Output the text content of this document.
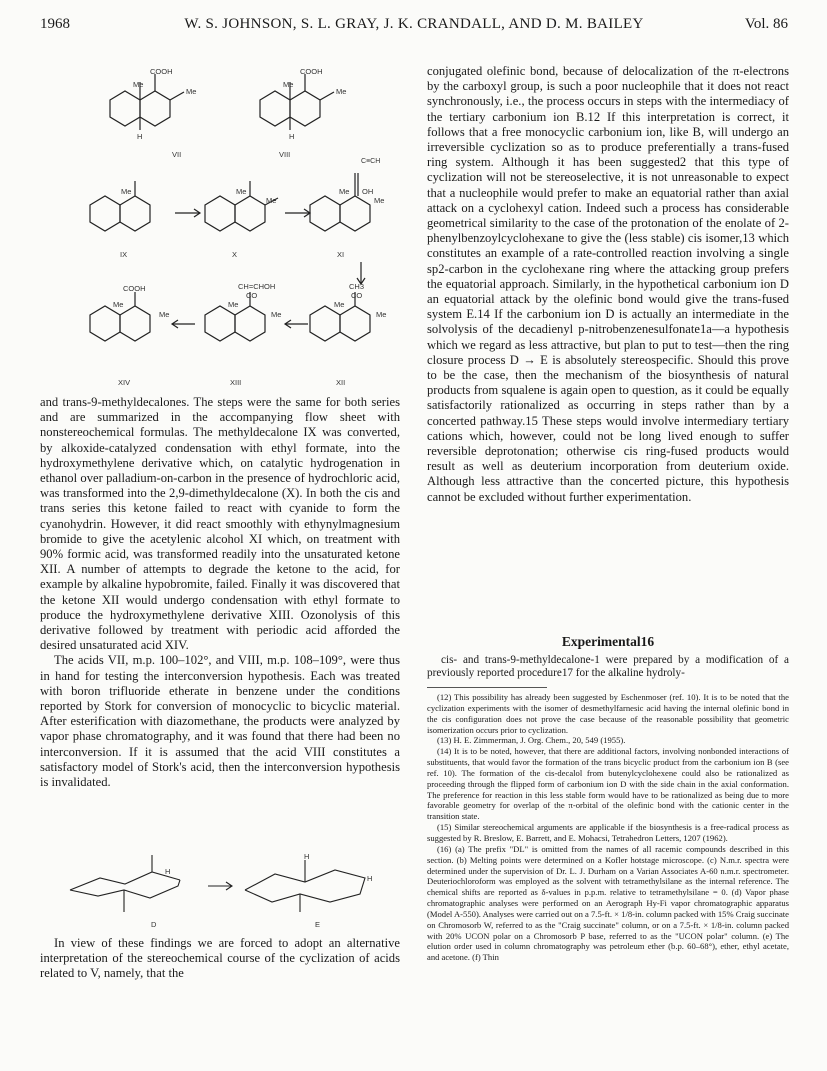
1968	W. S. JOHNSON, S. L. GRAY, J. K. CRANDALL, AND D. M. BAILEY	Vol. 86
COOH
Me
Me
H
COOH
Me
Me
H
VII	VIII
Me	Me
Me
Me OH
Me
C≡CH
IX	X	XI
COOH
Me
Me
CH=CHOH
CO
Me
Me
CH3
CO
Me
Me
XIV	XIII	XII

and trans-9-methyldecalones. The steps were the same for both series and are summarized in the accompanying flow sheet with nonstereochemical formulas. The methyldecalone IX was converted, by alkoxide-catalyzed condensation with ethyl formate, into the hydroxymethylene derivative which, on catalytic hydrogenation in ethanol over palladium-on-carbon in the presence of hydrochloric acid, was transformed into the 2,9-dimethyldecalone (X). In both the cis and trans series this ketone failed to react with cyanide to form the cyanohydrin. However, it did react smoothly with ethynylmagnesium bromide to give the acetylenic alcohol XI which, on treatment with 90% formic acid, was transformed readily into the unsaturated ketone XII. A number of attempts to degrade the ketone to the acid, for example by alkaline hypobromite, failed. Finally it was discovered that the ketone XII would undergo condensation with ethyl formate to produce the hydroxymethylene derivative XIII. Ozonolysis of this derivative followed by treatment with periodic acid afforded the desired unsaturated acid XIV.

The acids VII, m.p. 100–102°, and VIII, m.p. 108–109°, were thus in hand for testing the interconversion hypothesis. Each was treated with boron trifluoride etherate in benzene under the conditions reported by Stork for conversion of monocyclic to bicyclic material. After esterification with diazomethane, the products were analyzed by vapor phase chromatography, and it was found that there had been no interconversion. If it is assumed that the acid VIII constitutes a satisfactory model of Stork's acid, then the interconversion hypothesis is invalidated.

H
H
H
D	E

In view of these findings we are forced to adopt an alternative interpretation of the stereochemical course of the cyclization of acids related to V, namely, that the

conjugated olefinic bond, because of delocalization of the π-electrons by the carboxyl group, is such a poor nucleophile that it does not react synchronously, i.e., the process occurs in steps with the intermediacy of the tertiary carbonium ion B.12 If this interpretation is correct, it follows that a free monocyclic carbonium ion, like B, will undergo an irreversible cyclization so as to produce preferentially a trans-fused ring system. Although it has been suggested2 that this type of cyclization will not be stereoselective, it is not unreasonable to expect that a nucleophile would prefer to make an equatorial rather than axial attack on a cyclohexyl cation. Indeed such a process has considerable geometrical similarity to the case of the protonation of the enolate of 2-phenylbenzoylcyclohexane to give the (less stable) cis isomer,13 which constitutes an example of a rate-controlled reaction involving a single sp2-carbon in the cyclohexane ring where the attacking group prefers the equatorial approach. Similarly, in the hypothetical carbonium ion D an equatorial attack by the olefinic bond would give the trans-fused system E.14 If the carbonium ion D is actually an intermediate in the solvolysis of the decadienyl p-nitrobenzenesulfonate1a—a hypothesis which we regard as less attractive, but plan to put to test—then the ring closure process D → E is absolutely stereospecific. Should this prove to be the case, then the mechanism of the biosynthesis of natural products from squalene is again open to question, as it could be equally satisfactorily rationalized as occurring in steps rather than by a concerted pathway.15 These steps would involve intermediary tertiary cations which, however, could not be long lived enough to suffer reversible deprotonation; otherwise cis ring-fused products would result as well as deuterium incorporation from deuterium oxide. Although less attractive than the concerted picture, this hypothesis cannot be excluded without further experimentation.

Experimental16
cis- and trans-9-methyldecalone-1 were prepared by a modification of a previously reported procedure17 for the alkaline hydroly-

(12) This possibility has already been suggested by Eschenmoser (ref. 10). It is to be noted that the cyclization experiments with the isomer of desmethylfarnesic acid having the internal olefinic bond in the cis configuration does not prove the case because of the reasonable possibility that geometric isomerization occurs prior to cyclization.

(13) H. E. Zimmerman, J. Org. Chem., 20, 549 (1955).

(14) It is to be noted, however, that there are additional factors, involving nonbonded interactions of substituents, that would favor the formation of the trans bicyclic product from the carbonium ion B (see ref. 10). The formation of the cis-decalol from butenylcyclohexene could also be rationalized as proceeding through the flipped form of carbonium ion D with the side chain in the axial conformation. The preference for reaction in this less stable form would have to be rationalized as being due to more favorable geometry for overlap of the π-orbital of the olefinic bond with the cationic center in the transition state.

(15) Similar stereochemical arguments are applicable if the biosynthesis is a free-radical process as suggested by R. Breslow, E. Barrett, and E. Mohacsi, Tetrahedron Letters, 1207 (1962).

(16) (a) The prefix "DL" is omitted from the names of all racemic compounds described in this section. (b) Melting points were determined on a Kofler hotstage microscope. (c) N.m.r. spectra were determined under the supervision of Dr. L. J. Durham on a Varian Associates A-60 n.m.r. spectrometer. Deuteriochloroform was employed as the solvent with tetramethylsilane as the internal reference. The chemical shifts are reported as δ-values in p.p.m. relative to tetramethylsilane = 0. (d) Vapor phase chromatographic analyses were performed on an Aerograph Hy-Fi vapor chromatographic apparatus (Model A-550). Analyses were carried out on a 7.5-ft. × 1/8-in. column packed with 15% Craig succinate on Chromosorb W, referred to as the "Craig succinate" column, or on a 7.5-ft. × 1/8-in. column packed with 20% UCON polar on a Chromosorb P base, referred to as the "UCON polar" column. (e) The elution order used in column chromatography was petroleum ether (b.p. 60–68°), ether, ethyl acetate, and acetone. (f) Thin
